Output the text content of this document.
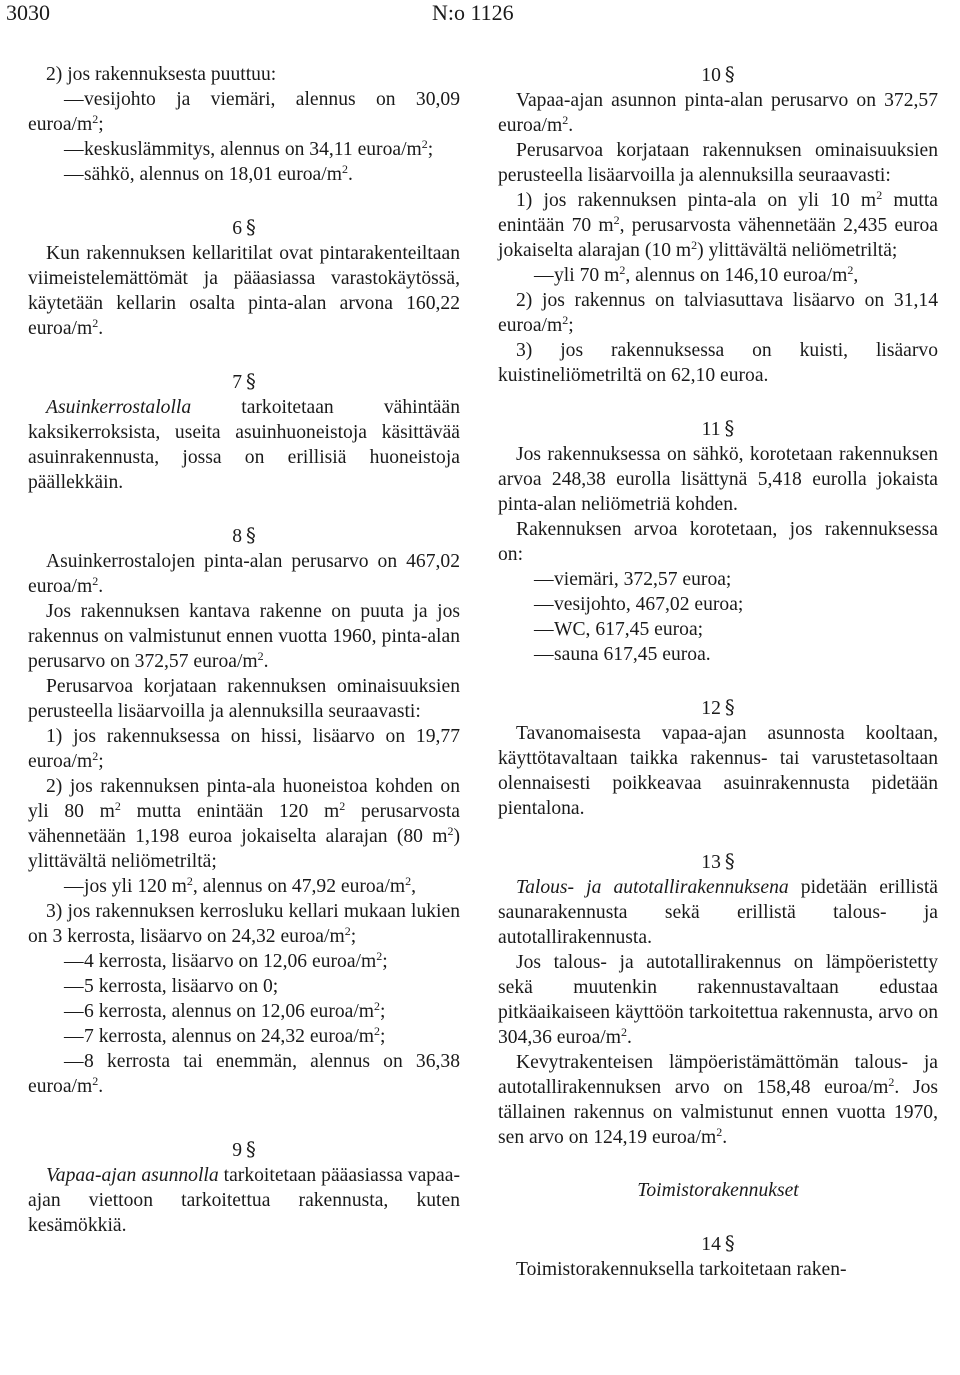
3030	N:o 1126

2) jos rakennuksesta puuttuu:

—vesijohto ja viemäri, alennus on 30,09 euroa/$m^2$;

—keskuslämmitys, alennus on 34,11 euroa/$m^2$;

—sähkö, alennus on 18,01 euroa/$m^2$.

6 §

Kun rakennuksen kellaritilat ovat pintarakenteiltaan viimeistelemättömät ja pääasiassa varastokäytössä, käytetään kellarin osalta pinta-alan arvona 160,22 euroa/$m^2$.

7 §

Asuinkerrostalolla	tarkoitetaan vähintään kaksikerroksista, useita asuinhuoneistoja käsittävää asuinrakennusta, jossa on erillisiä huoneistoja päällekkäin.

8 §

Asuinkerrostalojen pinta-alan perusarvo on 467,02 euroa/$m^2$.

Jos rakennuksen kantava rakenne on puuta ja jos rakennus on valmistunut ennen vuotta 1960, pinta-alan perusarvo on 372,57 euroa/$m^2$.

Perusarvoa korjataan rakennuksen ominaisuuksien perusteella lisäarvoilla ja alennuksilla seuraavasti:

1) jos rakennuksessa on hissi, lisäarvo on 19,77 euroa/$m^2$;

2) jos rakennuksen pinta-ala huoneistoa kohden on yli 80 $m^2$ mutta enintään 120 $m^2$ perusarvosta vähennetään 1,198 euroa jokaiselta alarajan (80 $m^2$) ylittävältä neliömetriltä;

—jos yli 120 $m^2$, alennus on 47,92 euroa/$m^2$,

3) jos rakennuksen kerrosluku kellari mukaan lukien on 3 kerrosta, lisäarvo on 24,32 euroa/$m^2$;

—4 kerrosta, lisäarvo on 12,06 euroa/$m^2$;

—5 kerrosta, lisäarvo on 0;

—6 kerrosta, alennus on 12,06 euroa/$m^2$;

—7 kerrosta, alennus on 24,32 euroa/$m^2$;

—8 kerrosta tai enemmän, alennus on 36,38 euroa/$m^2$.

9 §

Vapaa-ajan asunnolla tarkoitetaan pääasiassa vapaa-ajan viettoon tarkoitettua rakennusta, kuten kesämökkiä.

10 §

Vapaa-ajan asunnon pinta-alan perusarvo on 372,57 euroa/$m^2$.

Perusarvoa korjataan rakennuksen ominaisuuksien perusteella lisäarvoilla ja alennuksilla seuraavasti:

1) jos rakennuksen pinta-ala on yli 10 $m^2$ mutta enintään 70 $m^2$, perusarvosta vähennetään 2,435 euroa jokaiselta alarajan (10 $m^2$) ylittävältä neliömetriltä;

—yli 70 $m^2$, alennus on 146,10 euroa/$m^2$,

2) jos rakennus on talviasuttava lisäarvo on 31,14 euroa/$m^2$;

3) jos rakennuksessa on kuisti, lisäarvo kuistineliömetriltä on 62,10 euroa.

11 §

Jos rakennuksessa on sähkö, korotetaan rakennuksen arvoa 248,38 eurolla lisättynä 5,418 eurolla jokaista pinta-alan neliömetriä kohden.

Rakennuksen arvoa korotetaan, jos rakennuksessa on:

—viemäri, 372,57 euroa;

—vesijohto, 467,02 euroa;

—WC, 617,45 euroa;

—sauna 617,45 euroa.

12 §

Tavanomaisesta vapaa-ajan asunnosta kooltaan, käyttötavaltaan taikka rakennus- tai varustetasoltaan olennaisesti poikkeavaa asuinrakennusta pidetään pientalona.

13 §

Talous- ja autotallirakennuksena pidetään erillistä saunarakennusta sekä erillistä talous- ja autotallirakennusta.

Jos talous- ja autotallirakennus on lämpöeristetty sekä muutenkin rakennustavaltaan edustaa pitkäaikaiseen käyttöön tarkoitettua rakennusta, arvo on 304,36 euroa/$m^2$.

Kevytrakenteisen lämpöeristämättömän talous- ja autotallirakennuksen arvo on 158,48 euroa/$m^2$. Jos tällainen rakennus on valmistunut ennen vuotta 1970, sen arvo on 124,19 euroa/$m^2$.

Toimistorakennukset
14 §

Toimistorakennuksella tarkoitetaan raken-
